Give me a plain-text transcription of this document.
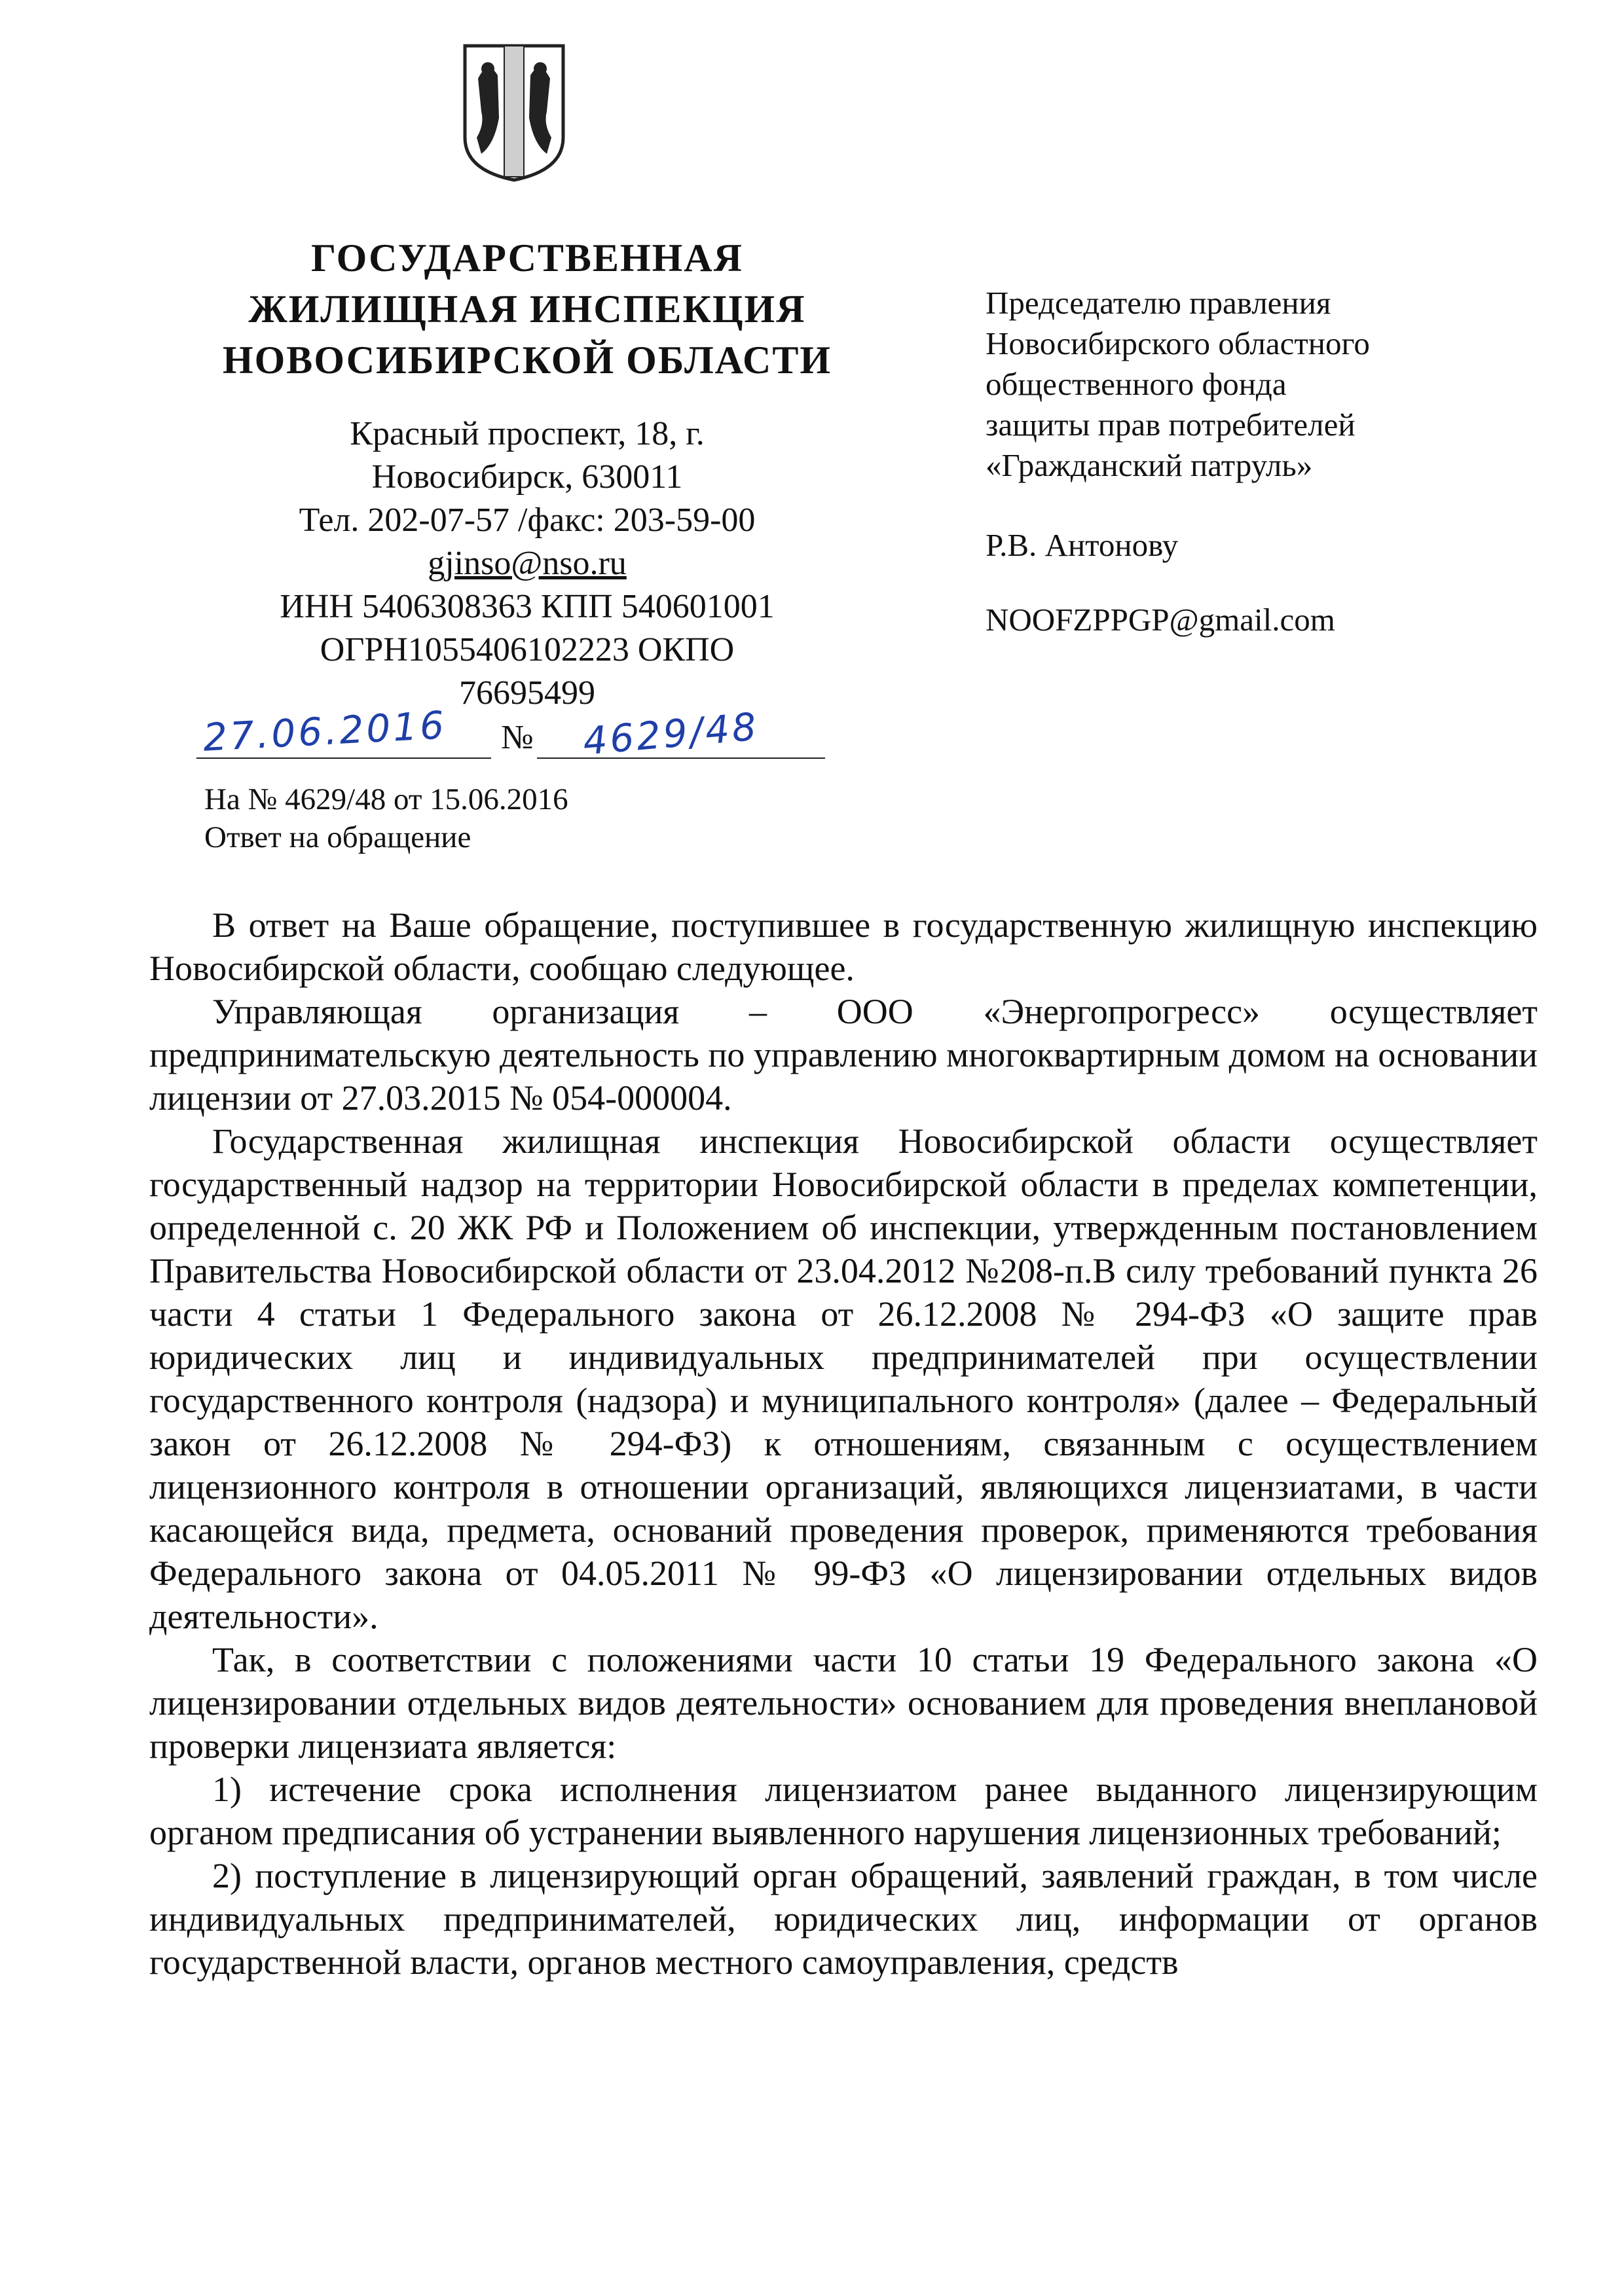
ГОСУДАРСТВЕННАЯ
ЖИЛИЩНАЯ ИНСПЕКЦИЯ
НОВОСИБИРСКОЙ ОБЛАСТИ
Красный проспект, 18, г.
Новосибирск, 630011
Тел. 202-07-57 /факс: 203-59-00
gjinso@nso.ru
ИНН 5406308363 КПП 540601001
ОГРН1055406102223 ОКПО
76695499
27.06.2016 № 4629/48
На № 4629/48 от 15.06.2016
Ответ на обращение
Председателю правления
Новосибирского областного
общественного фонда
защиты прав потребителей
«Гражданский патруль»
Р.В. Антонову
NOOFZPPGP@gmail.com

В ответ на Ваше обращение, поступившее в государственную жилищную инспекцию Новосибирской области, сообщаю следующее.

Управляющая организация – ООО «Энергопрогресс» осуществляет предпринимательскую деятельность по управлению многоквартирным домом на основании лицензии от 27.03.2015 № 054-000004.

Государственная жилищная инспекция Новосибирской области осуществляет государственный надзор на территории Новосибирской области в пределах компетенции, определенной с. 20 ЖК РФ и Положением об инспекции, утвержденным постановлением Правительства Новосибирской области от 23.04.2012 №208-п.В силу требований пункта 26 части 4 статьи 1 Федерального закона от 26.12.2008 № 294-ФЗ «О защите прав юридических лиц и индивидуальных предпринимателей при осуществлении государственного контроля (надзора) и муниципального контроля» (далее – Федеральный закон от 26.12.2008 № 294-ФЗ) к отношениям, связанным с осуществлением лицензионного контроля в отношении организаций, являющихся лицензиатами, в части касающейся вида, предмета, оснований проведения проверок, применяются требования Федерального закона от 04.05.2011 № 99-ФЗ «О лицензировании отдельных видов деятельности».

Так, в соответствии с положениями части 10 статьи 19 Федерального закона «О лицензировании отдельных видов деятельности» основанием для проведения внеплановой проверки лицензиата является:

1) истечение срока исполнения лицензиатом ранее выданного лицензирующим органом предписания об устранении выявленного нарушения лицензионных требований;

2) поступление в лицензирующий орган обращений, заявлений граждан, в том числе индивидуальных предпринимателей, юридических лиц, информации от органов государственной власти, органов местного самоуправления, средств
